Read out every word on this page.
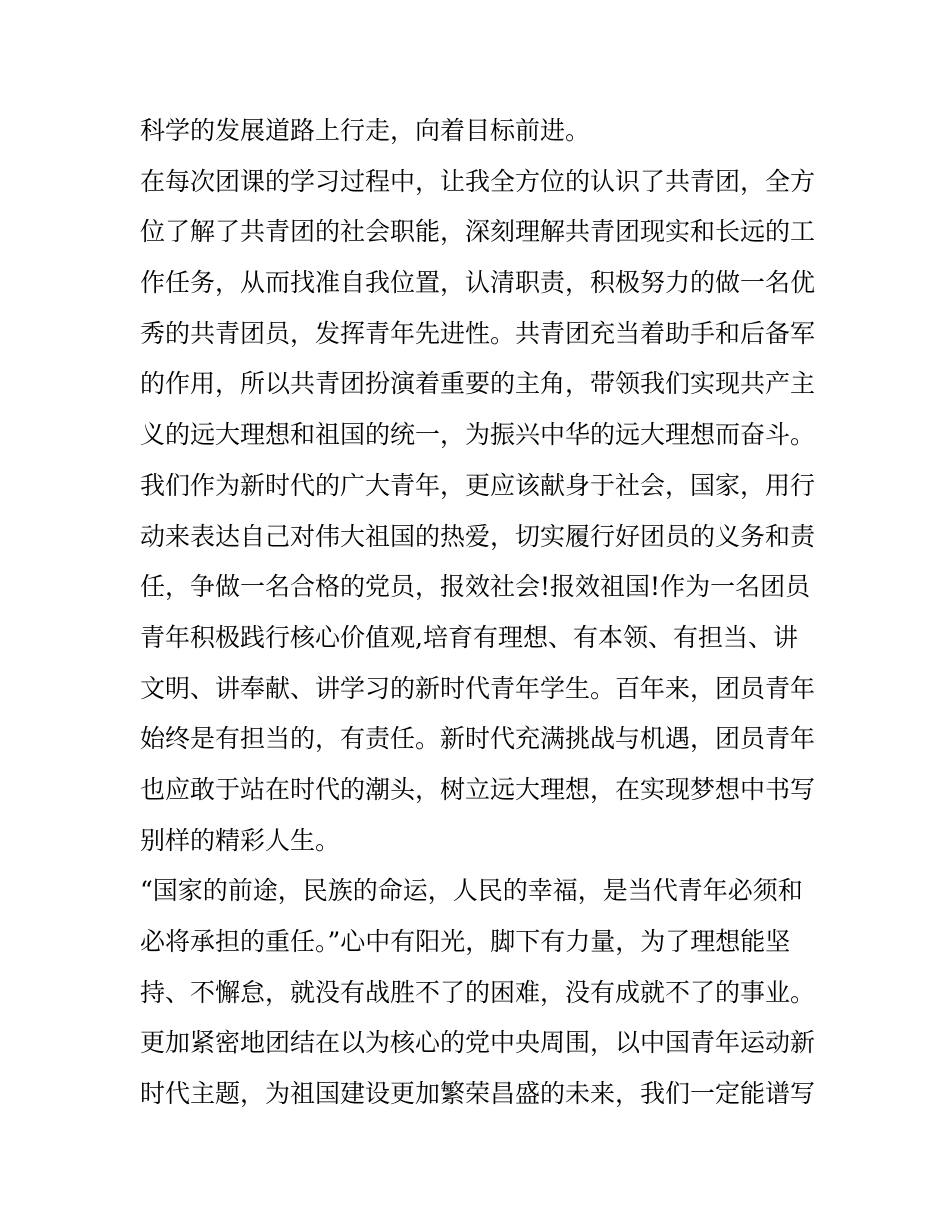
科学的发展道路上行走，向着目标前进。
在每次团课的学习过程中，让我全方位的认识了共青团，全方
位了解了共青团的社会职能，深刻理解共青团现实和长远的工
作任务，从而找准自我位置，认清职责，积极努力的做一名优
秀的共青团员，发挥青年先进性。共青团充当着助手和后备军
的作用，所以共青团扮演着重要的主角，带领我们实现共产主
义的远大理想和祖国的统一，为振兴中华的远大理想而奋斗。
我们作为新时代的广大青年，更应该献身于社会，国家，用行
动来表达自己对伟大祖国的热爱，切实履行好团员的义务和责
任，争做一名合格的党员，报效社会!报效祖国!作为一名团员
青年积极践行核心价值观,培育有理想、有本领、有担当、讲
文明、讲奉献、讲学习的新时代青年学生。百年来，团员青年
始终是有担当的，有责任。新时代充满挑战与机遇，团员青年
也应敢于站在时代的潮头，树立远大理想，在实现梦想中书写
别样的精彩人生。
“国家的前途，民族的命运，人民的幸福，是当代青年必须和
必将承担的重任。”心中有阳光，脚下有力量，为了理想能坚
持、不懈怠，就没有战胜不了的困难，没有成就不了的事业。
更加紧密地团结在以为核心的党中央周围，以中国青年运动新
时代主题，为祖国建设更加繁荣昌盛的未来，我们一定能谱写
